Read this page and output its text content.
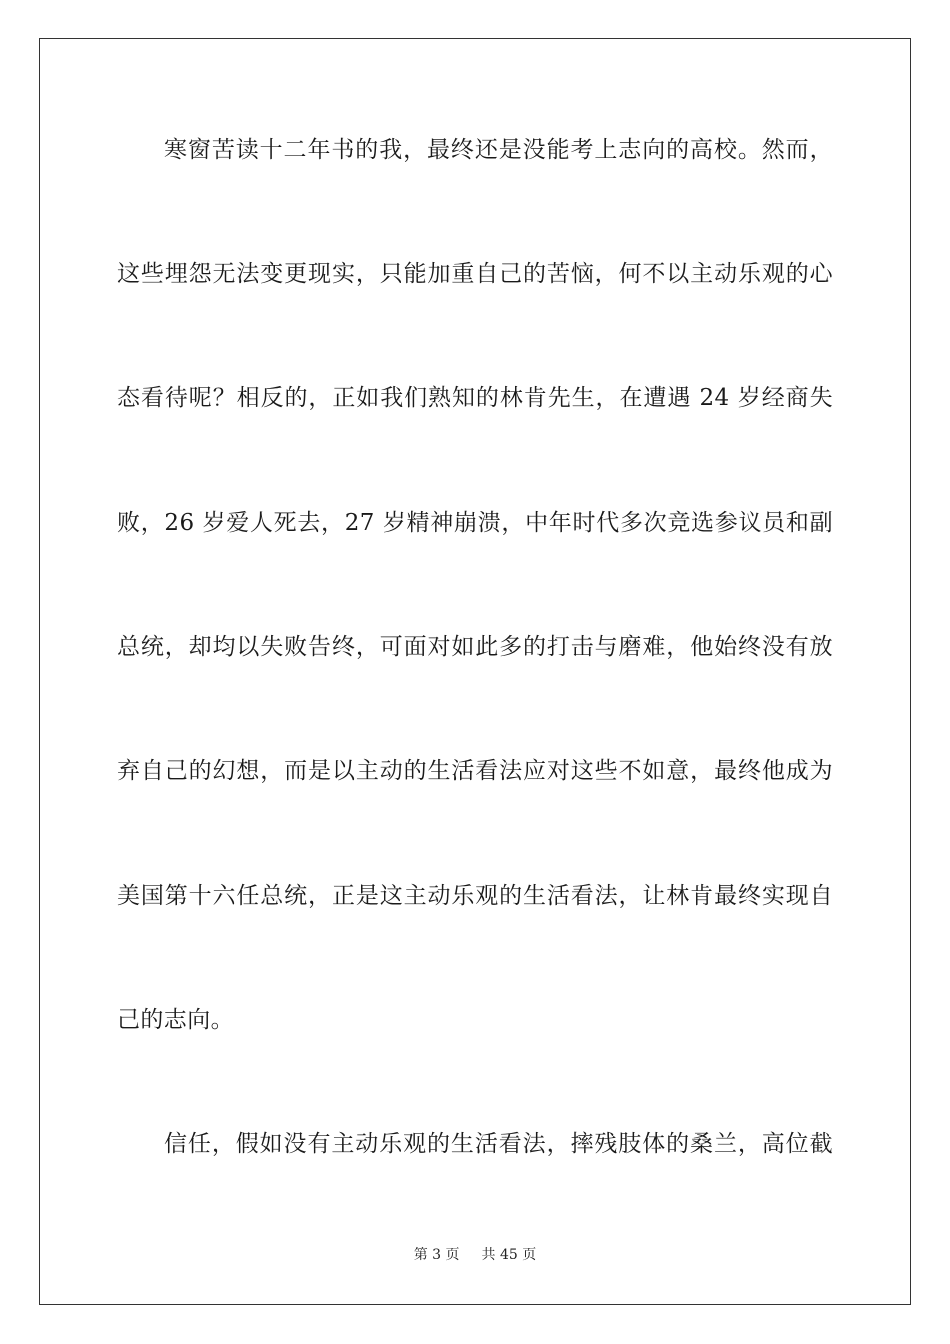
寒窗苦读十二年书的我，最终还是没能考上志向的高校。然而，
这些埋怨无法变更现实，只能加重自己的苦恼，何不以主动乐观的心
态看待呢？相反的，正如我们熟知的林肯先生，在遭遇 24 岁经商失
败，26 岁爱人死去，27 岁精神崩溃，中年时代多次竞选参议员和副
总统，却均以失败告终，可面对如此多的打击与磨难，他始终没有放
弃自己的幻想，而是以主动的生活看法应对这些不如意，最终他成为
美国第十六任总统，正是这主动乐观的生活看法，让林肯最终实现自
己的志向。
信任，假如没有主动乐观的生活看法，摔残肢体的桑兰，高位截
第 3 页 共 45 页
